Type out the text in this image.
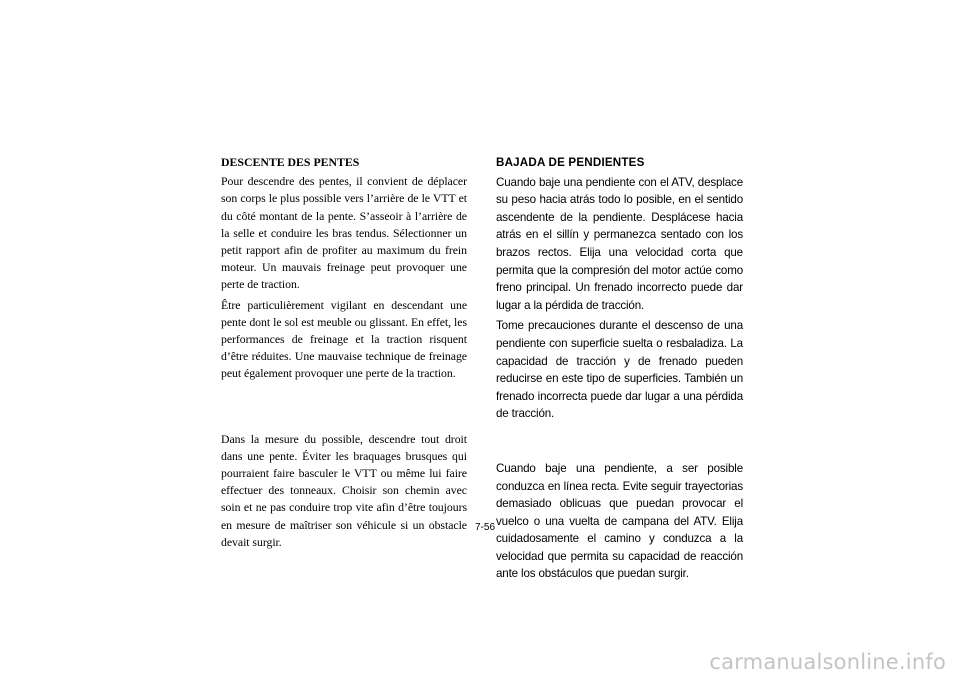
DESCENTE DES PENTES
Pour descendre des pentes, il convient de déplacer son corps le plus possible vers l’arrière de le VTT et du côté montant de la pente. S’asseoir à l’arrière de la selle et conduire les bras tendus. Sélectionner un petit rapport afin de profiter au maximum du frein moteur. Un mauvais freinage peut provoquer une perte de traction.
Être particulièrement vigilant en descendant une pente dont le sol est meuble ou glissant. En effet, les performances de freinage et la traction risquent d’être réduites. Une mauvaise technique de freinage peut également provoquer une perte de la traction.
Dans la mesure du possible, descendre tout droit dans une pente. Éviter les braquages brusques qui pourraient faire basculer le VTT ou même lui faire effectuer des tonneaux. Choisir son chemin avec soin et ne pas conduire trop vite afin d’être toujours en mesure de maîtriser son véhicule si un obstacle devait surgir.
BAJADA DE PENDIENTES
Cuando baje una pendiente con el ATV, desplace su peso hacia atrás todo lo posible, en el sentido ascendente de la pendiente. Desplácese hacia atrás en el sillín y permanezca sentado con los brazos rectos. Elija una velocidad corta que permita que la compresión del motor actúe como freno principal. Un frenado incorrecto puede dar lugar a la pérdida de tracción.
Tome precauciones durante el descenso de una pendiente con superficie suelta o resbaladiza. La capacidad de tracción y de frenado pueden reducirse en este tipo de superficies. También un frenado incorrecta puede dar lugar a una pérdida de tracción.
Cuando baje una pendiente, a ser posible conduzca en línea recta. Evite seguir trayectorias demasiado oblicuas que puedan provocar el vuelco o una vuelta de campana del ATV. Elija cuidadosamente el camino y conduzca a la velocidad que permita su capacidad de reacción ante los obstáculos que puedan surgir.
7-56
carmanualsonline.info
